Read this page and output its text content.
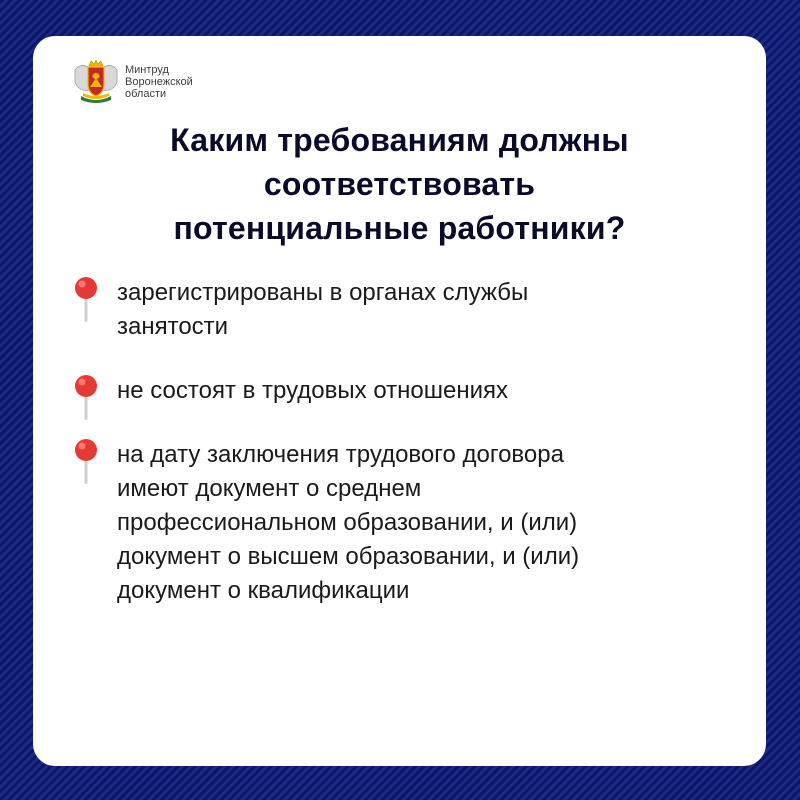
Минтруд
Воронежской
области
Каким требованиям должны
соответствовать
потенциальные работники?
зарегистрированы в органах службы
занятости
не состоят в трудовых отношениях
на дату заключения трудового договора
имеют документ о среднем
профессиональном образовании, и (или)
документ о высшем образовании, и (или)
документ о квалификации
